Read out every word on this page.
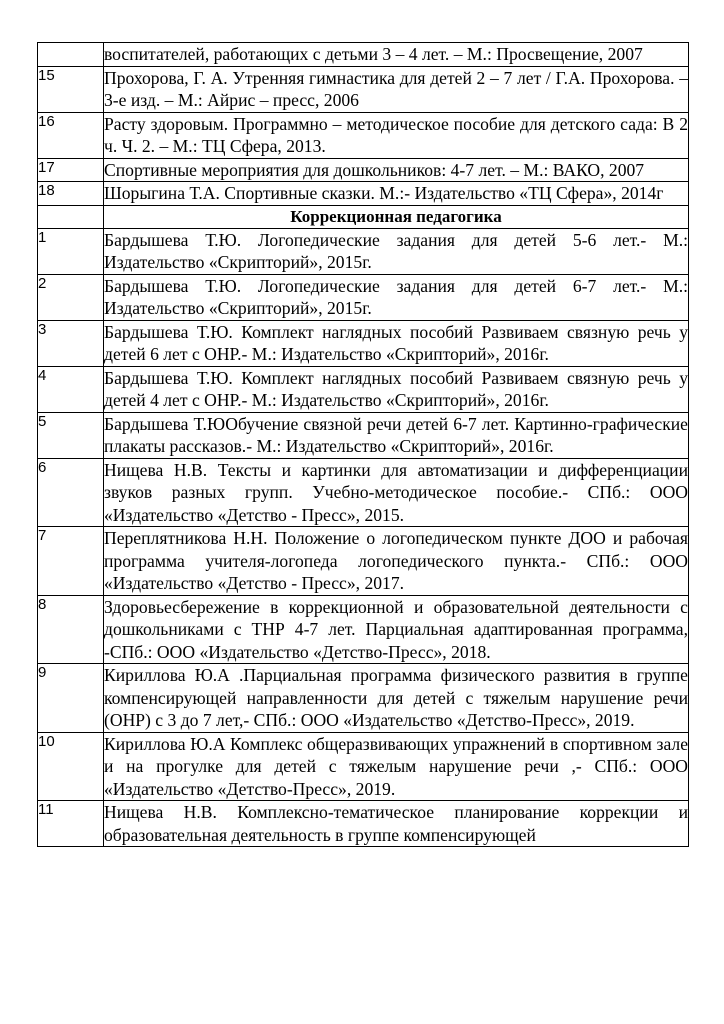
	воспитателей, работающих с детьми 3 – 4 лет. – М.: Просвещение, 2007
15	Прохорова, Г. А. Утренняя гимнастика для детей 2 – 7 лет / Г.А. Прохорова. – 3-е изд. – М.: Айрис – пресс, 2006
16	Расту здоровым. Программно – методическое пособие для детского сада: В 2 ч. Ч. 2. – М.: ТЦ Сфера, 2013.
17	Спортивные мероприятия для дошкольников: 4-7 лет. – М.: ВАКО, 2007
18	Шорыгина Т.А. Спортивные сказки. М.:- Издательство «ТЦ Сфера», 2014г
	Коррекционная педагогика
1	Бардышева Т.Ю. Логопедические задания для детей 5-6 лет.- М.: Издательство «Скрипторий», 2015г.
2	Бардышева Т.Ю. Логопедические задания для детей 6-7 лет.- М.: Издательство «Скрипторий», 2015г.
3	Бардышева Т.Ю. Комплект наглядных пособий Развиваем связную речь у детей 6 лет с ОНР.- М.: Издательство «Скрипторий», 2016г.
4	Бардышева Т.Ю. Комплект наглядных пособий Развиваем связную речь у детей 4 лет с ОНР.- М.: Издательство «Скрипторий», 2016г.
5	Бардышева Т.ЮОбучение связной речи детей 6-7 лет. Картинно-графические плакаты рассказов.- М.: Издательство «Скрипторий», 2016г.
6	Нищева Н.В. Тексты и картинки для автоматизации и дифференциации звуков разных групп. Учебно-методическое пособие.- СПб.: ООО «Издательство «Детство - Пресс», 2015.
7	Переплятникова Н.Н. Положение о логопедическом пункте ДОО и рабочая программа учителя-логопеда логопедического пункта.- СПб.: ООО «Издательство «Детство - Пресс», 2017.
8	Здоровьесбережение в коррекционной и образовательной деятельности с дошкольниками с ТНР 4-7 лет. Парциальная адаптированная программа, -СПб.: ООО «Издательство «Детство-Пресс», 2018.
9	Кириллова Ю.А .Парциальная программа физического развития в группе компенсирующей направленности для детей с тяжелым нарушение речи (ОНР) с 3 до 7 лет,- СПб.: ООО «Издательство «Детство-Пресс», 2019.
10	Кириллова Ю.А Комплекс общеразвивающих упражнений в спортивном зале и на прогулке для детей с тяжелым нарушение речи ,- СПб.: ООО «Издательство «Детство-Пресс», 2019.
11	Нищева Н.В. Комплексно-тематическое планирование коррекции и образовательная деятельность в группе компенсирующей
